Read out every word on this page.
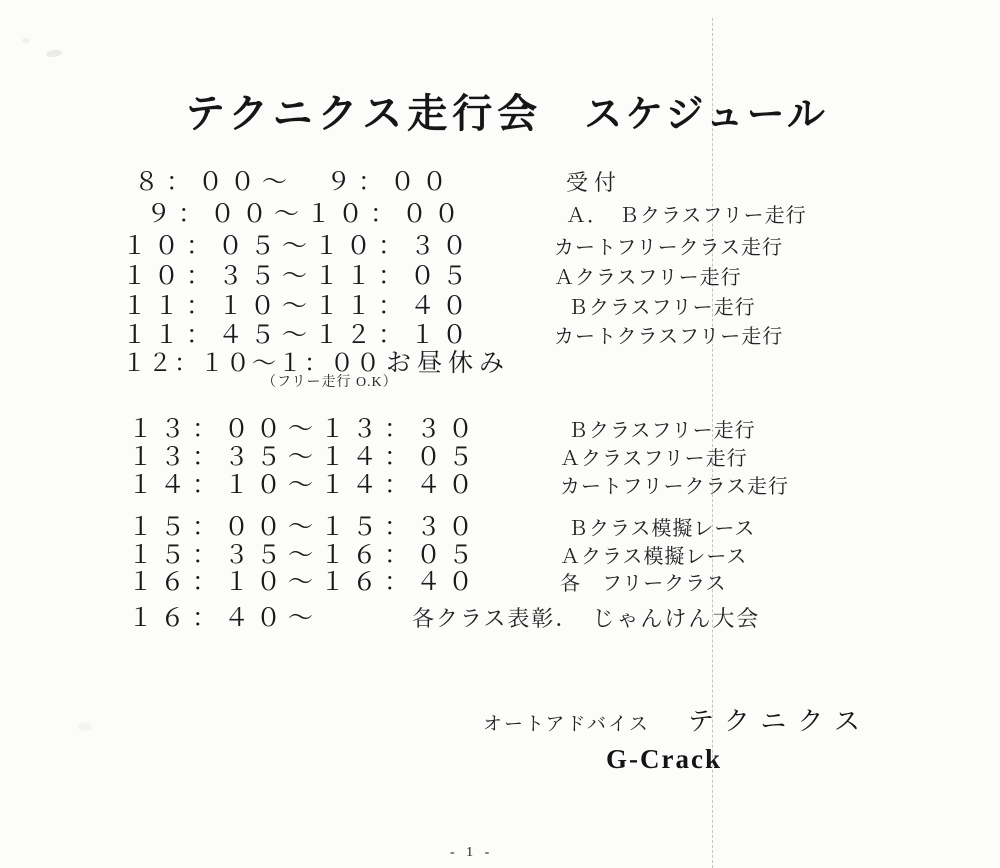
テクニクス走行会 スケジュール
８：００～　９：００	受付
９：００～１０：００	Ａ．　Ｂクラスフリー走行
１０：０５～１０：３０	カートフリークラス走行
１０：３５～１１：０５	Ａクラスフリー走行
１１：１０～１１：４０	Ｂクラスフリー走行
１１：４５～１２：１０	カートクラスフリー走行
１２：１０～１：００ お昼休み
（フリー走行 O.K）
１３：００～１３：３０	Ｂクラスフリー走行
１３：３５～１４：０５	Ａクラスフリー走行
１４：１０～１４：４０	カートフリークラス走行
１５：００～１５：３０	Ｂクラス模擬レース
１５：３５～１６：０５	Ａクラス模擬レース
１６：１０～１６：４０	各　フリークラス
１６：４０～	各クラス表彰．　じゃんけん大会
オートアドバイス テクニクス
G-Crack
- 1 -
